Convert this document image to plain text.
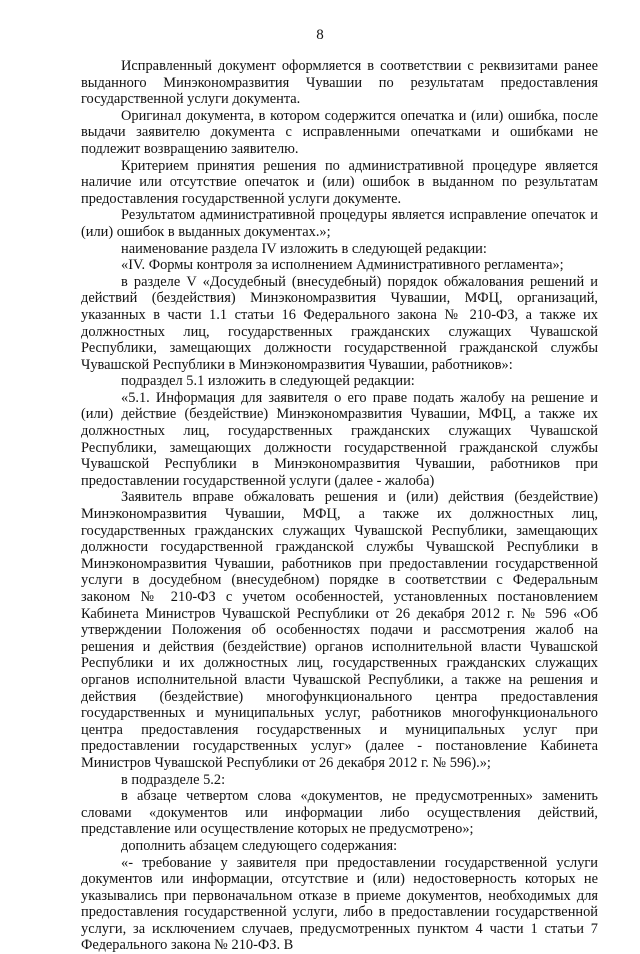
8

Исправленный документ оформляется в соответствии с реквизитами ранее выданного Минэкономразвития Чувашии по результатам предоставления государственной услуги документа.

Оригинал документа, в котором содержится опечатка и (или) ошибка, после выдачи заявителю документа с исправленными опечатками и ошибками не подлежит возвращению заявителю.

Критерием принятия решения по административной процедуре является наличие или отсутствие опечаток и (или) ошибок в выданном по результатам предоставления государственной услуги документе.

Результатом административной процедуры является исправление опечаток и (или) ошибок в выданных документах.»;

наименование раздела IV изложить в следующей редакции:

«IV. Формы контроля за исполнением Административного регламента»;

в разделе V «Досудебный (внесудебный) порядок обжалования решений и действий (бездействия) Минэкономразвития Чувашии, МФЦ, организаций, указанных в части 1.1 статьи 16 Федерального закона № 210-ФЗ, а также их должностных лиц, государственных гражданских служащих Чувашской Республики, замещающих должности государственной гражданской службы Чувашской Республики в Минэкономразвития Чувашии, работников»:

подраздел 5.1 изложить в следующей редакции:

«5.1. Информация для заявителя о его праве подать жалобу на решение и (или) действие (бездействие) Минэкономразвития Чувашии, МФЦ, а также их должностных лиц, государственных гражданских служащих Чувашской Республики, замещающих должности государственной гражданской службы Чувашской Республики в Минэкономразвития Чувашии, работников при предоставлении государственной услуги (далее - жалоба)

Заявитель вправе обжаловать решения и (или) действия (бездействие) Минэкономразвития Чувашии, МФЦ, а также их должностных лиц, государственных гражданских служащих Чувашской Республики, замещающих должности государственной гражданской службы Чувашской Республики в Минэкономразвития Чувашии, работников при предоставлении государственной услуги в досудебном (внесудебном) порядке в соответствии с Федеральным законом № 210-ФЗ с учетом особенностей, установленных постановлением Кабинета Министров Чувашской Республики от 26 декабря 2012 г. № 596 «Об утверждении Положения об особенностях подачи и рассмотрения жалоб на решения и действия (бездействие) органов исполнительной власти Чувашской Республики и их должностных лиц, государственных гражданских служащих органов исполнительной власти Чувашской Республики, а также на решения и действия (бездействие) многофункционального центра предоставления государственных и муниципальных услуг, работников многофункционального центра предоставления государственных и муниципальных услуг при предоставлении государственных услуг» (далее - постановление Кабинета Министров Чувашской Республики от 26 декабря 2012 г. № 596).»;

в подразделе 5.2:

в абзаце четвертом слова «документов, не предусмотренных» заменить словами «документов или информации либо осуществления действий, представление или осуществление которых не предусмотрено»;

дополнить абзацем следующего содержания:

«- требование у заявителя при предоставлении государственной услуги документов или информации, отсутствие и (или) недостоверность которых не указывались при первоначальном отказе в приеме документов, необходимых для предоставления государственной услуги, либо в предоставлении государственной услуги, за исключением случаев, предусмотренных пунктом 4 части 1 статьи 7 Федерального закона № 210-ФЗ. В
